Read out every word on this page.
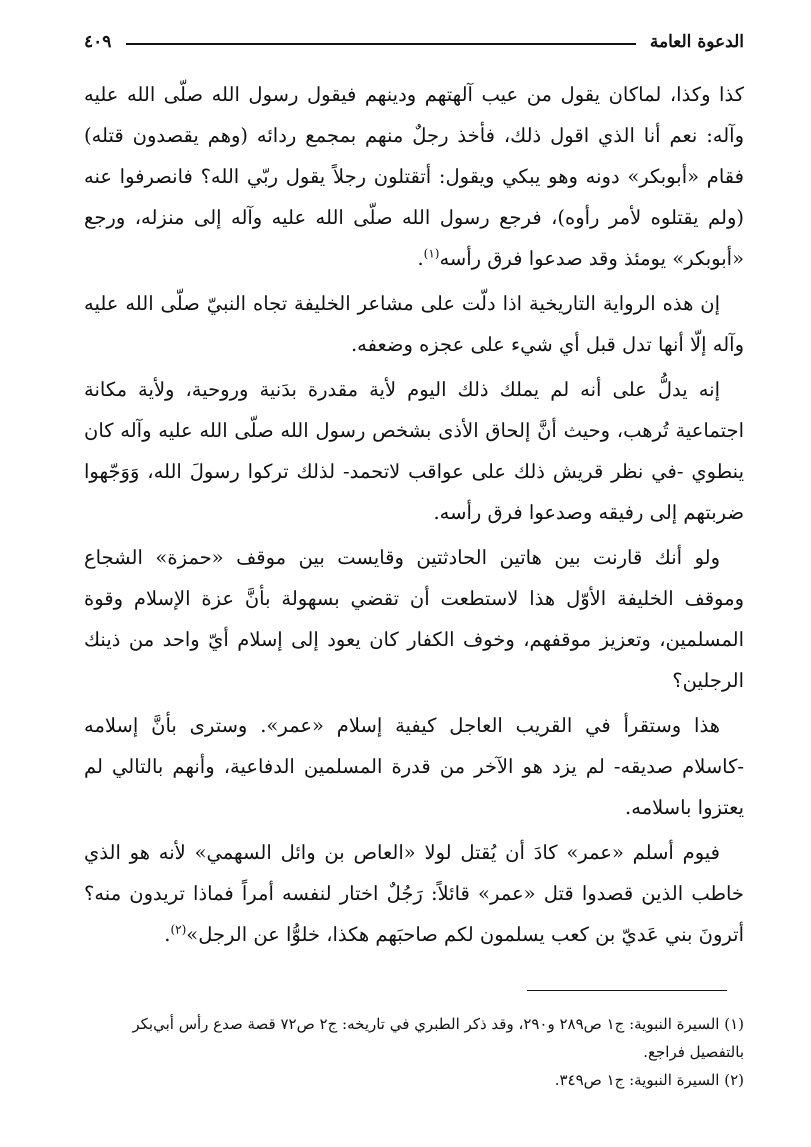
الدعوة العامة
٤٠٩

كذا وكذا، لماكان يقول من عيب آلهتهم ودينهم فيقول رسول الله صلّى الله عليه وآله: نعم أنا الذي اقول ذلك، فأخذ رجلٌ منهم بمجمع ردائه (وهم يقصدون قتله) فقام «أبوبكر» دونه وهو يبكي ويقول: أتقتلون رجلاً يقول ربّي الله؟ فانصرفوا عنه (ولم يقتلوه لأمر رأوه)، فرجع رسول الله صلّى الله عليه وآله إلى منزله، ورجع «أبوبكر» يومئذ وقد صدعوا فرق رأسه$^{(١)}$.

إن هذه الرواية التاريخية اذا دلّت على مشاعر الخليفة تجاه النبيّ صلّى الله عليه وآله إلّا أنها تدل قبل أي شيء على عجزه وضعفه.

إنه يدلُّ على أنه لم يملك ذلك اليوم لأية مقدرة بدَنية وروحية، ولأية مكانة اجتماعية تُرهب، وحيث أنَّ إلحاق الأذى بشخص رسول الله صلّى الله عليه وآله كان ينطوي -في نظر قريش ذلك على عواقب لاتحمد- لذلك تركوا رسولَ الله، وَوَجّهوا ضربتهم إلى رفيقه وصدعوا فرق رأسه.

ولو أنك قارنت بين هاتين الحادثتين وقايست بين موقف «حمزة» الشجاع وموقف الخليفة الأوّل هذا لاستطعت أن تقضي بسهولة بأنَّ عزة الإسلام وقوة المسلمين، وتعزيز موقفهم، وخوف الكفار كان يعود إلى إسلام أيّ واحد من ذينك الرجلين؟

هذا وستقرأ في القريب العاجل كيفية إسلام «عمر». وسترى بأنَّ إسلامه -كاسلام صديقه- لم يزد هو الآخر من قدرة المسلمين الدفاعية، وأنهم بالتالي لم يعتزوا باسلامه.

فيوم أسلم «عمر» كادَ أن يُقتل لولا «العاص بن وائل السهمي» لأنه هو الذي خاطب الذين قصدوا قتل «عمر» قائلاً: رَجُلٌ اختار لنفسه أمراً فماذا تريدون منه؟ أترونَ بني عَديّ بن كعب يسلمون لكم صاحبَهم هكذا، خلوُّا عن الرجل»$^{(٢)}$.

(١) السيرة النبوية: ج١ ص٢٨٩ و٢٩٠، وقد ذكر الطبري في تاريخه: ج٢ ص٧٢ قصة صدع رأس أبي‌بكر بالتفصيل فراجع.
(٢) السيرة النبوية: ج١ ص٣٤٩.
